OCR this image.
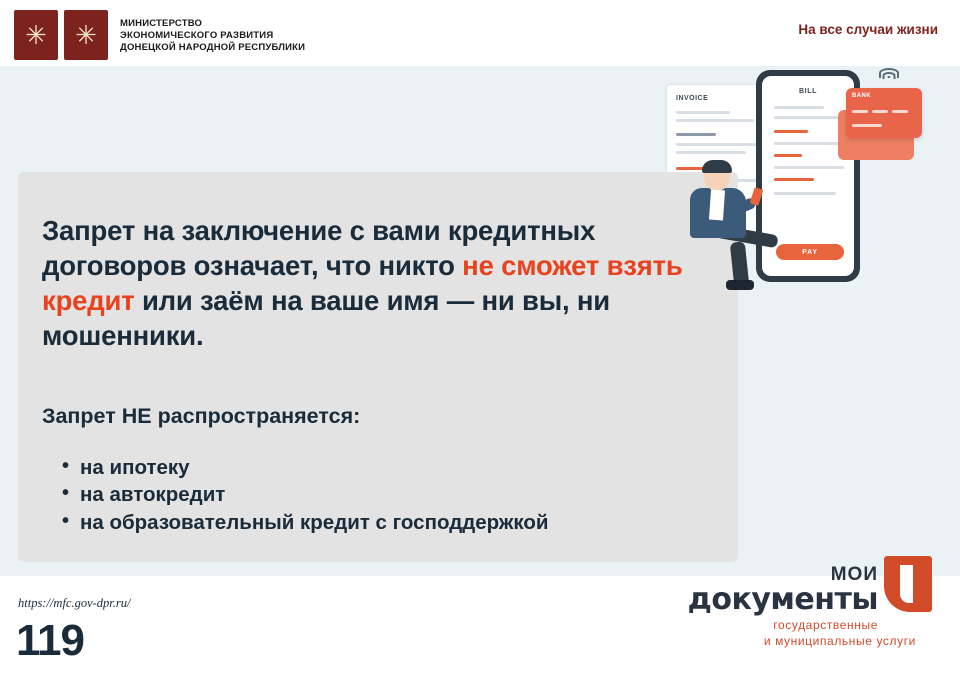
✳ ✳ МИНИСТЕРСТВО
ЭКОНОМИЧЕСКОГО РАЗВИТИЯ
ДОНЕЦКОЙ НАРОДНОЙ РЕСПУБЛИКИ
На все случаи жизни
INVOICE
BILL
PAY
BANK
Запрет на заключение с вами кредитных договоров означает, что никто не сможет взять кредит или заём на ваше имя — ни вы, ни мошенники.
Запрет НЕ распространяется:
• на ипотеку
• на автокредит
• на образовательный кредит с господдержкой
https://mfc.gov-dpr.ru/
119
МОИ
документы
государственные
и муниципальные услуги
